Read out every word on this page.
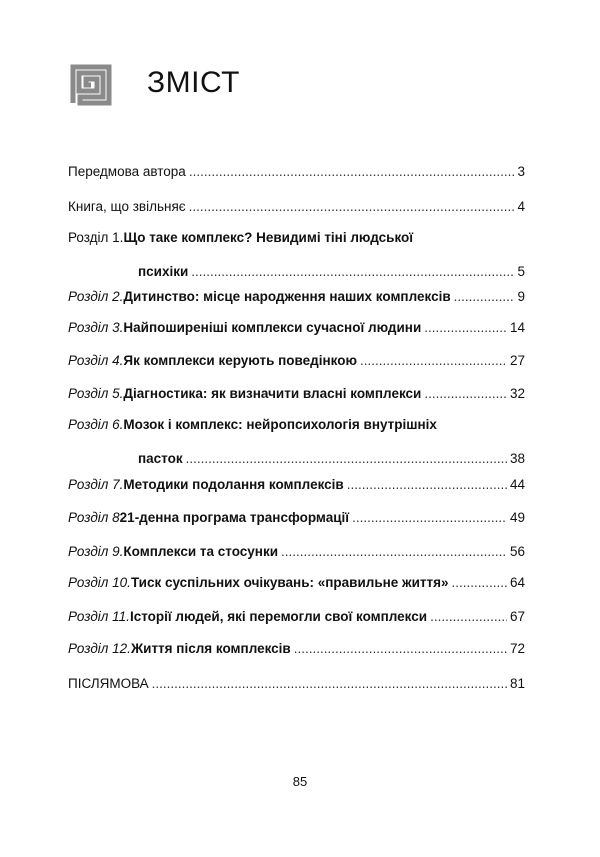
ЗМІСТ
Передмова автора .....	3
Книга, що звільняє .....	4
Розділ 1. Що таке комплекс? Невидимі тіні людської
психіки .....	5
Розділ 2. Дитинство: місце народження наших комплексів .....	9
Розділ 3. Найпоширеніші комплекси сучасної людини .....	14
Розділ 4. Як комплекси керують поведінкою .....	27
Розділ 5. Діагностика: як визначити власні комплекси .....	32
Розділ 6. Мозок і комплекс: нейропсихологія внутрішніх
пасток .....	38
Розділ 7. Методики подолання комплексів .....	44
Розділ 8 21-денна програма трансформації .....	49
Розділ 9. Комплекси та стосунки .....	56
Розділ 10. Тиск суспільних очікувань: «правильне життя» .....	64
Розділ 11. Історії людей, які перемогли свої комплекси .....	67
Розділ 12. Життя після комплексів .....	72
ПІСЛЯМОВА .....	81
85
